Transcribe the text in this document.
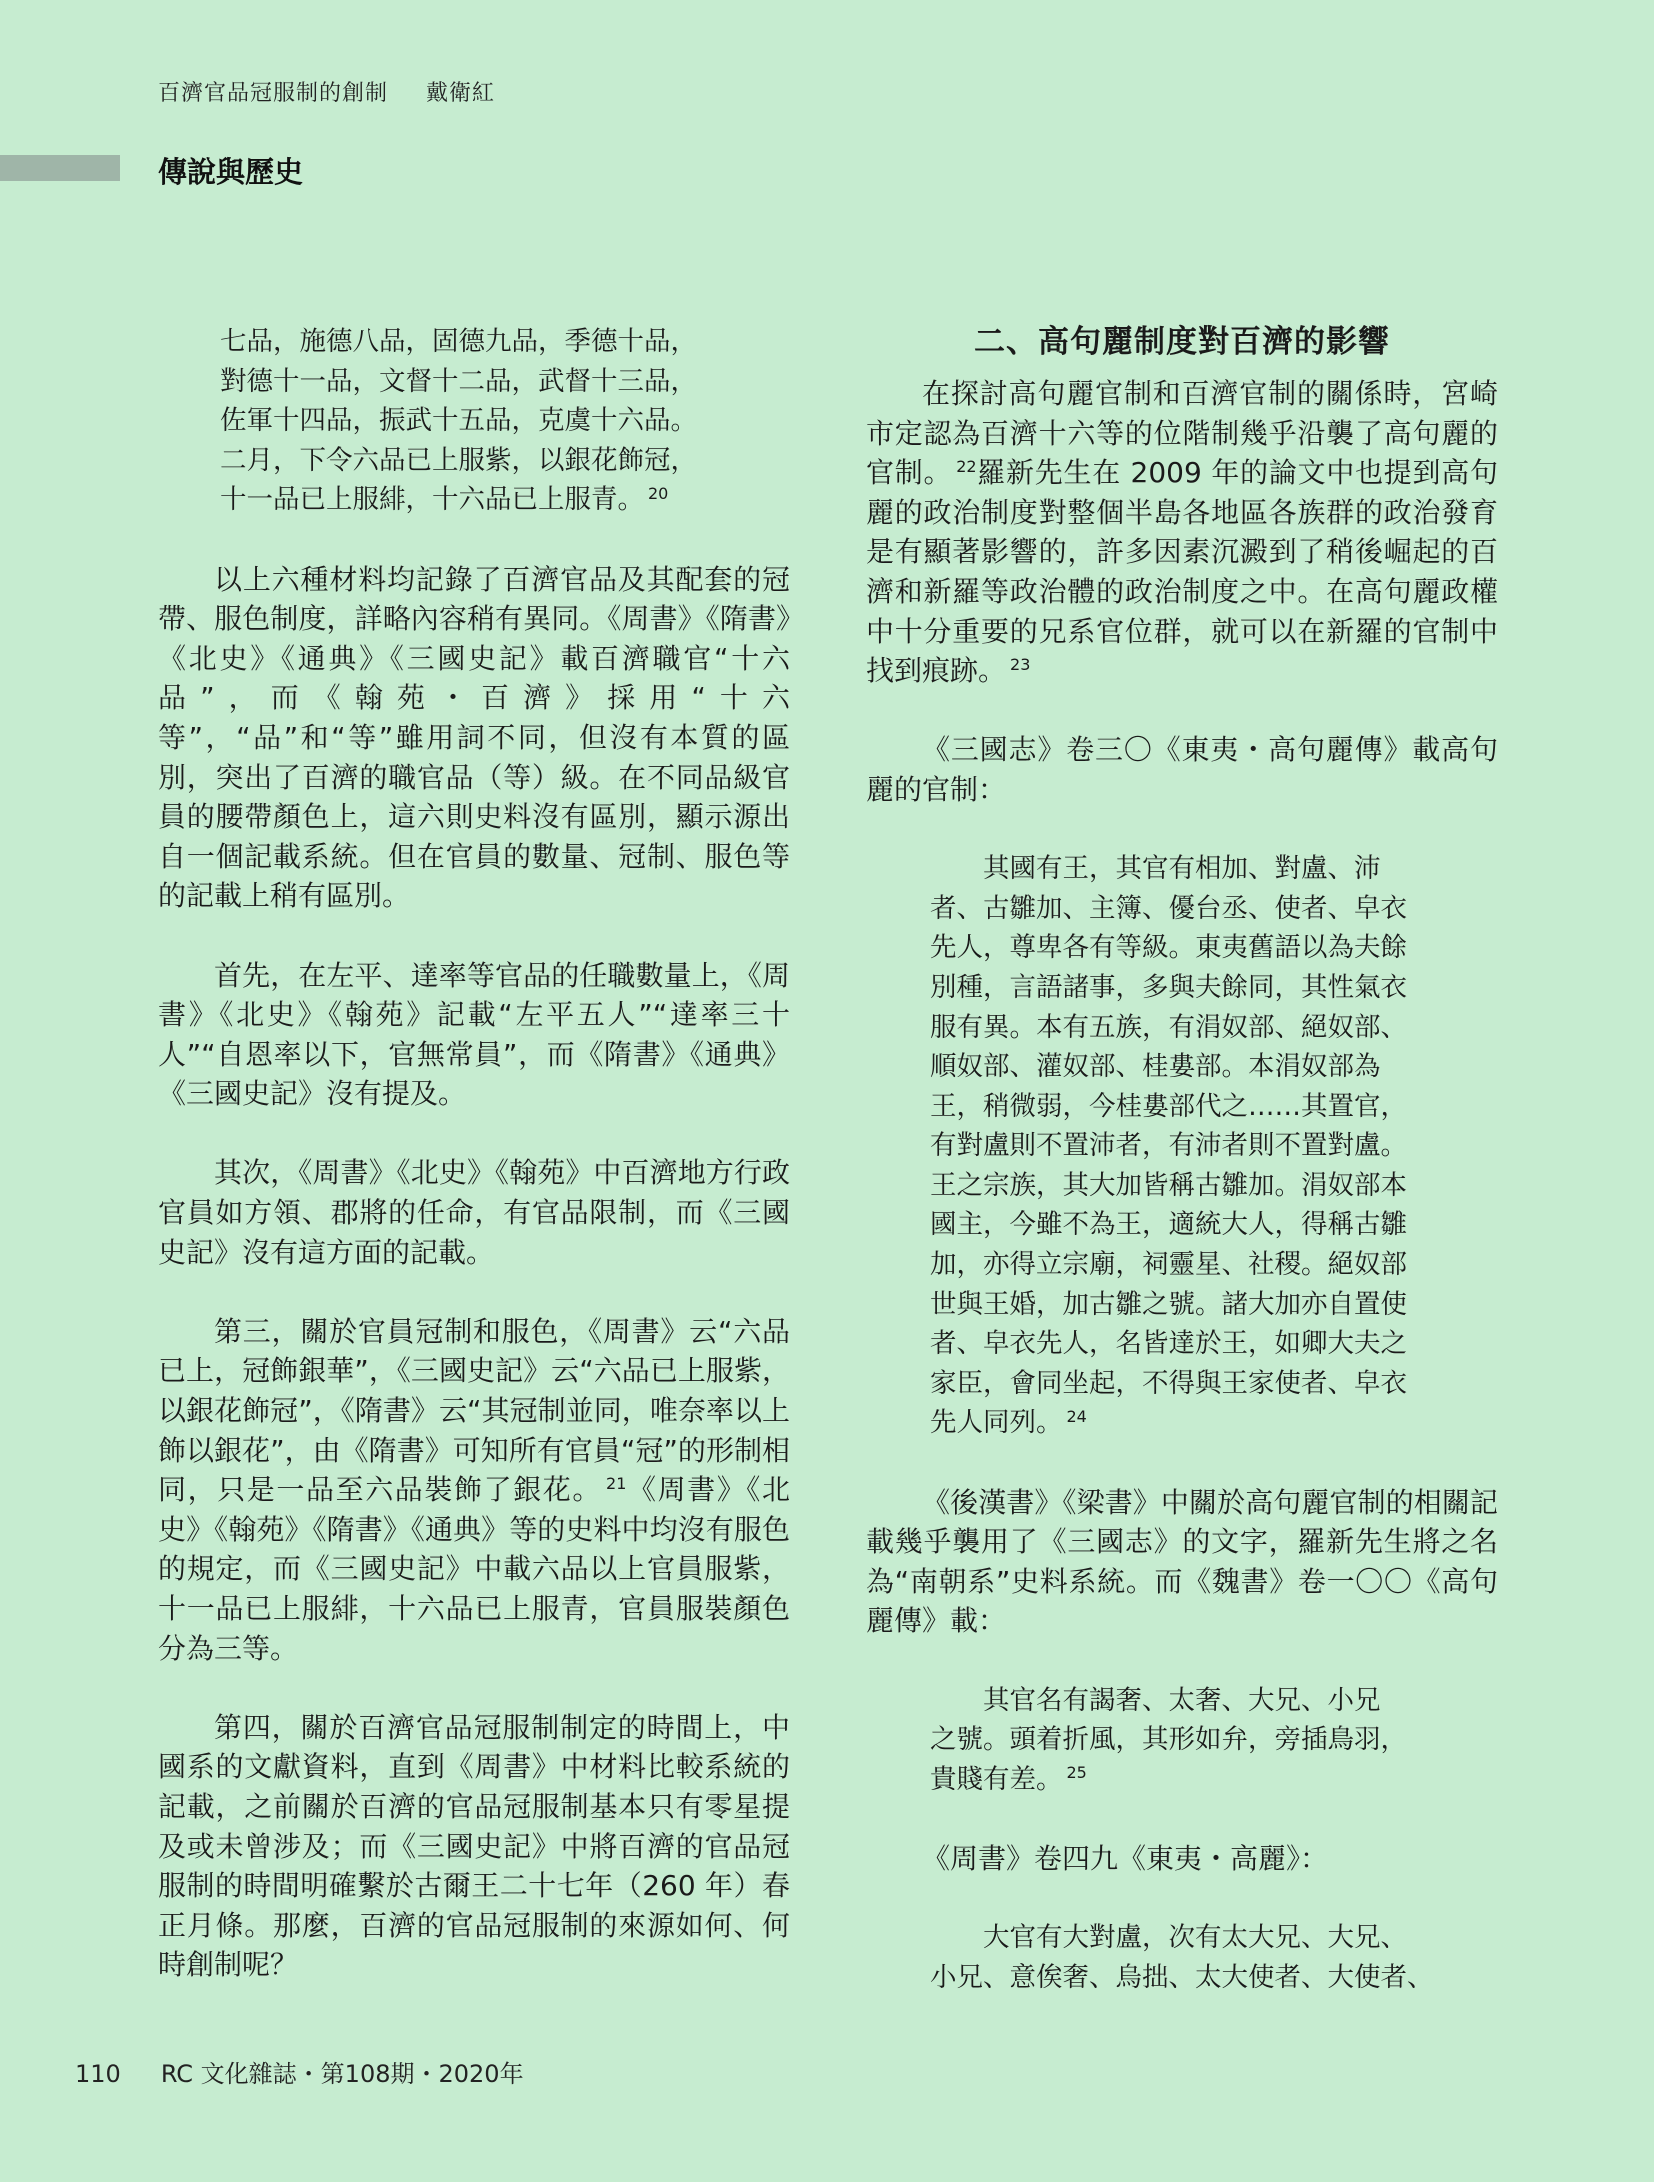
百濟官品冠服制的創制 戴衛紅
傳說與歷史

七品，施德八品，固德九品，季德十品，

對德十一品，文督十二品，武督十三品，

佐軍十四品，振武十五品，克虞十六品。

二月，下令六品已上服紫，以銀花飾冠，

十一品已上服緋，十六品已上服青。 $^{20}$

以上六種材料均記錄了百濟官品及其配套的冠帶、服色制度，詳略內容稍有異同。《周書》《隋書》《北史》《通典》《三國史記》載百濟職官“十六品”，而《翰苑・百濟》採用“十六等”，“品”和“等”雖用詞不同，但沒有本質的區別，突出了百濟的職官品（等）級。在不同品級官員的腰帶顏色上，這六則史料沒有區別，顯示源出自一個記載系統。但在官員的數量、冠制、服色等的記載上稍有區別。

首先，在左平、達率等官品的任職數量上，《周書》《北史》《翰苑》記載“左平五人”“達率三十人”“自恩率以下，官無常員”，而《隋書》《通典》《三國史記》沒有提及。

其次，《周書》《北史》《翰苑》中百濟地方行政官員如方領、郡將的任命，有官品限制，而《三國史記》沒有這方面的記載。

第三，關於官員冠制和服色，《周書》云“六品已上，冠飾銀華”，《三國史記》云“六品已上服紫，以銀花飾冠”，《隋書》云“其冠制並同，唯奈率以上飾以銀花”，由《隋書》可知所有官員“冠”的形制相同，只是一品至六品裝飾了銀花。 $^{21}$《周書》《北史》《翰苑》《隋書》《通典》等的史料中均沒有服色的規定，而《三國史記》中載六品以上官員服紫，十一品已上服緋，十六品已上服青，官員服裝顏色分為三等。

第四，關於百濟官品冠服制制定的時間上，中國系的文獻資料，直到《周書》中材料比較系統的記載，之前關於百濟的官品冠服制基本只有零星提及或未曾涉及；而《三國史記》中將百濟的官品冠服制的時間明確繫於古爾王二十七年（260 年）春正月條。那麼，百濟的官品冠服制的來源如何、何時創制呢？

二、高句麗制度對百濟的影響

在探討高句麗官制和百濟官制的關係時，宮崎市定認為百濟十六等的位階制幾乎沿襲了高句麗的官制。 $^{22}$羅新先生在 2009 年的論文中也提到高句麗的政治制度對整個半島各地區各族群的政治發育是有顯著影響的，許多因素沉澱到了稍後崛起的百濟和新羅等政治體的政治制度之中。在高句麗政權中十分重要的兄系官位群，就可以在新羅的官制中找到痕跡。 $^{23}$

《三國志》卷三〇《東夷・高句麗傳》載高句麗的官制：

其國有王，其官有相加、對盧、沛

者、古雛加、主簿、優台丞、使者、皁衣

先人，尊卑各有等級。東夷舊語以為夫餘

別種，言語諸事，多與夫餘同，其性氣衣

服有異。本有五族，有涓奴部、絕奴部、

順奴部、灌奴部、桂婁部。本涓奴部為

王，稍微弱，今桂婁部代之……其置官，

有對盧則不置沛者，有沛者則不置對盧。

王之宗族，其大加皆稱古雛加。涓奴部本

國主，今雖不為王，適統大人，得稱古雛

加，亦得立宗廟，祠靈星、社稷。絕奴部

世與王婚，加古雛之號。諸大加亦自置使

者、皁衣先人，名皆達於王，如卿大夫之

家臣，會同坐起，不得與王家使者、皁衣

先人同列。 $^{24}$

《後漢書》《梁書》中關於高句麗官制的相關記載幾乎襲用了《三國志》的文字，羅新先生將之名為“南朝系”史料系統。而《魏書》卷一〇〇《高句麗傳》載：

其官名有謁奢、太奢、大兄、小兄

之號。頭着折風，其形如弁，旁插鳥羽，

貴賤有差。 $^{25}$

《周書》卷四九《東夷・高麗》：

大官有大對盧，次有太大兄、大兄、

小兄、意俟奢、烏拙、太大使者、大使者、

110 RC 文化雜誌・第108期・2020年
